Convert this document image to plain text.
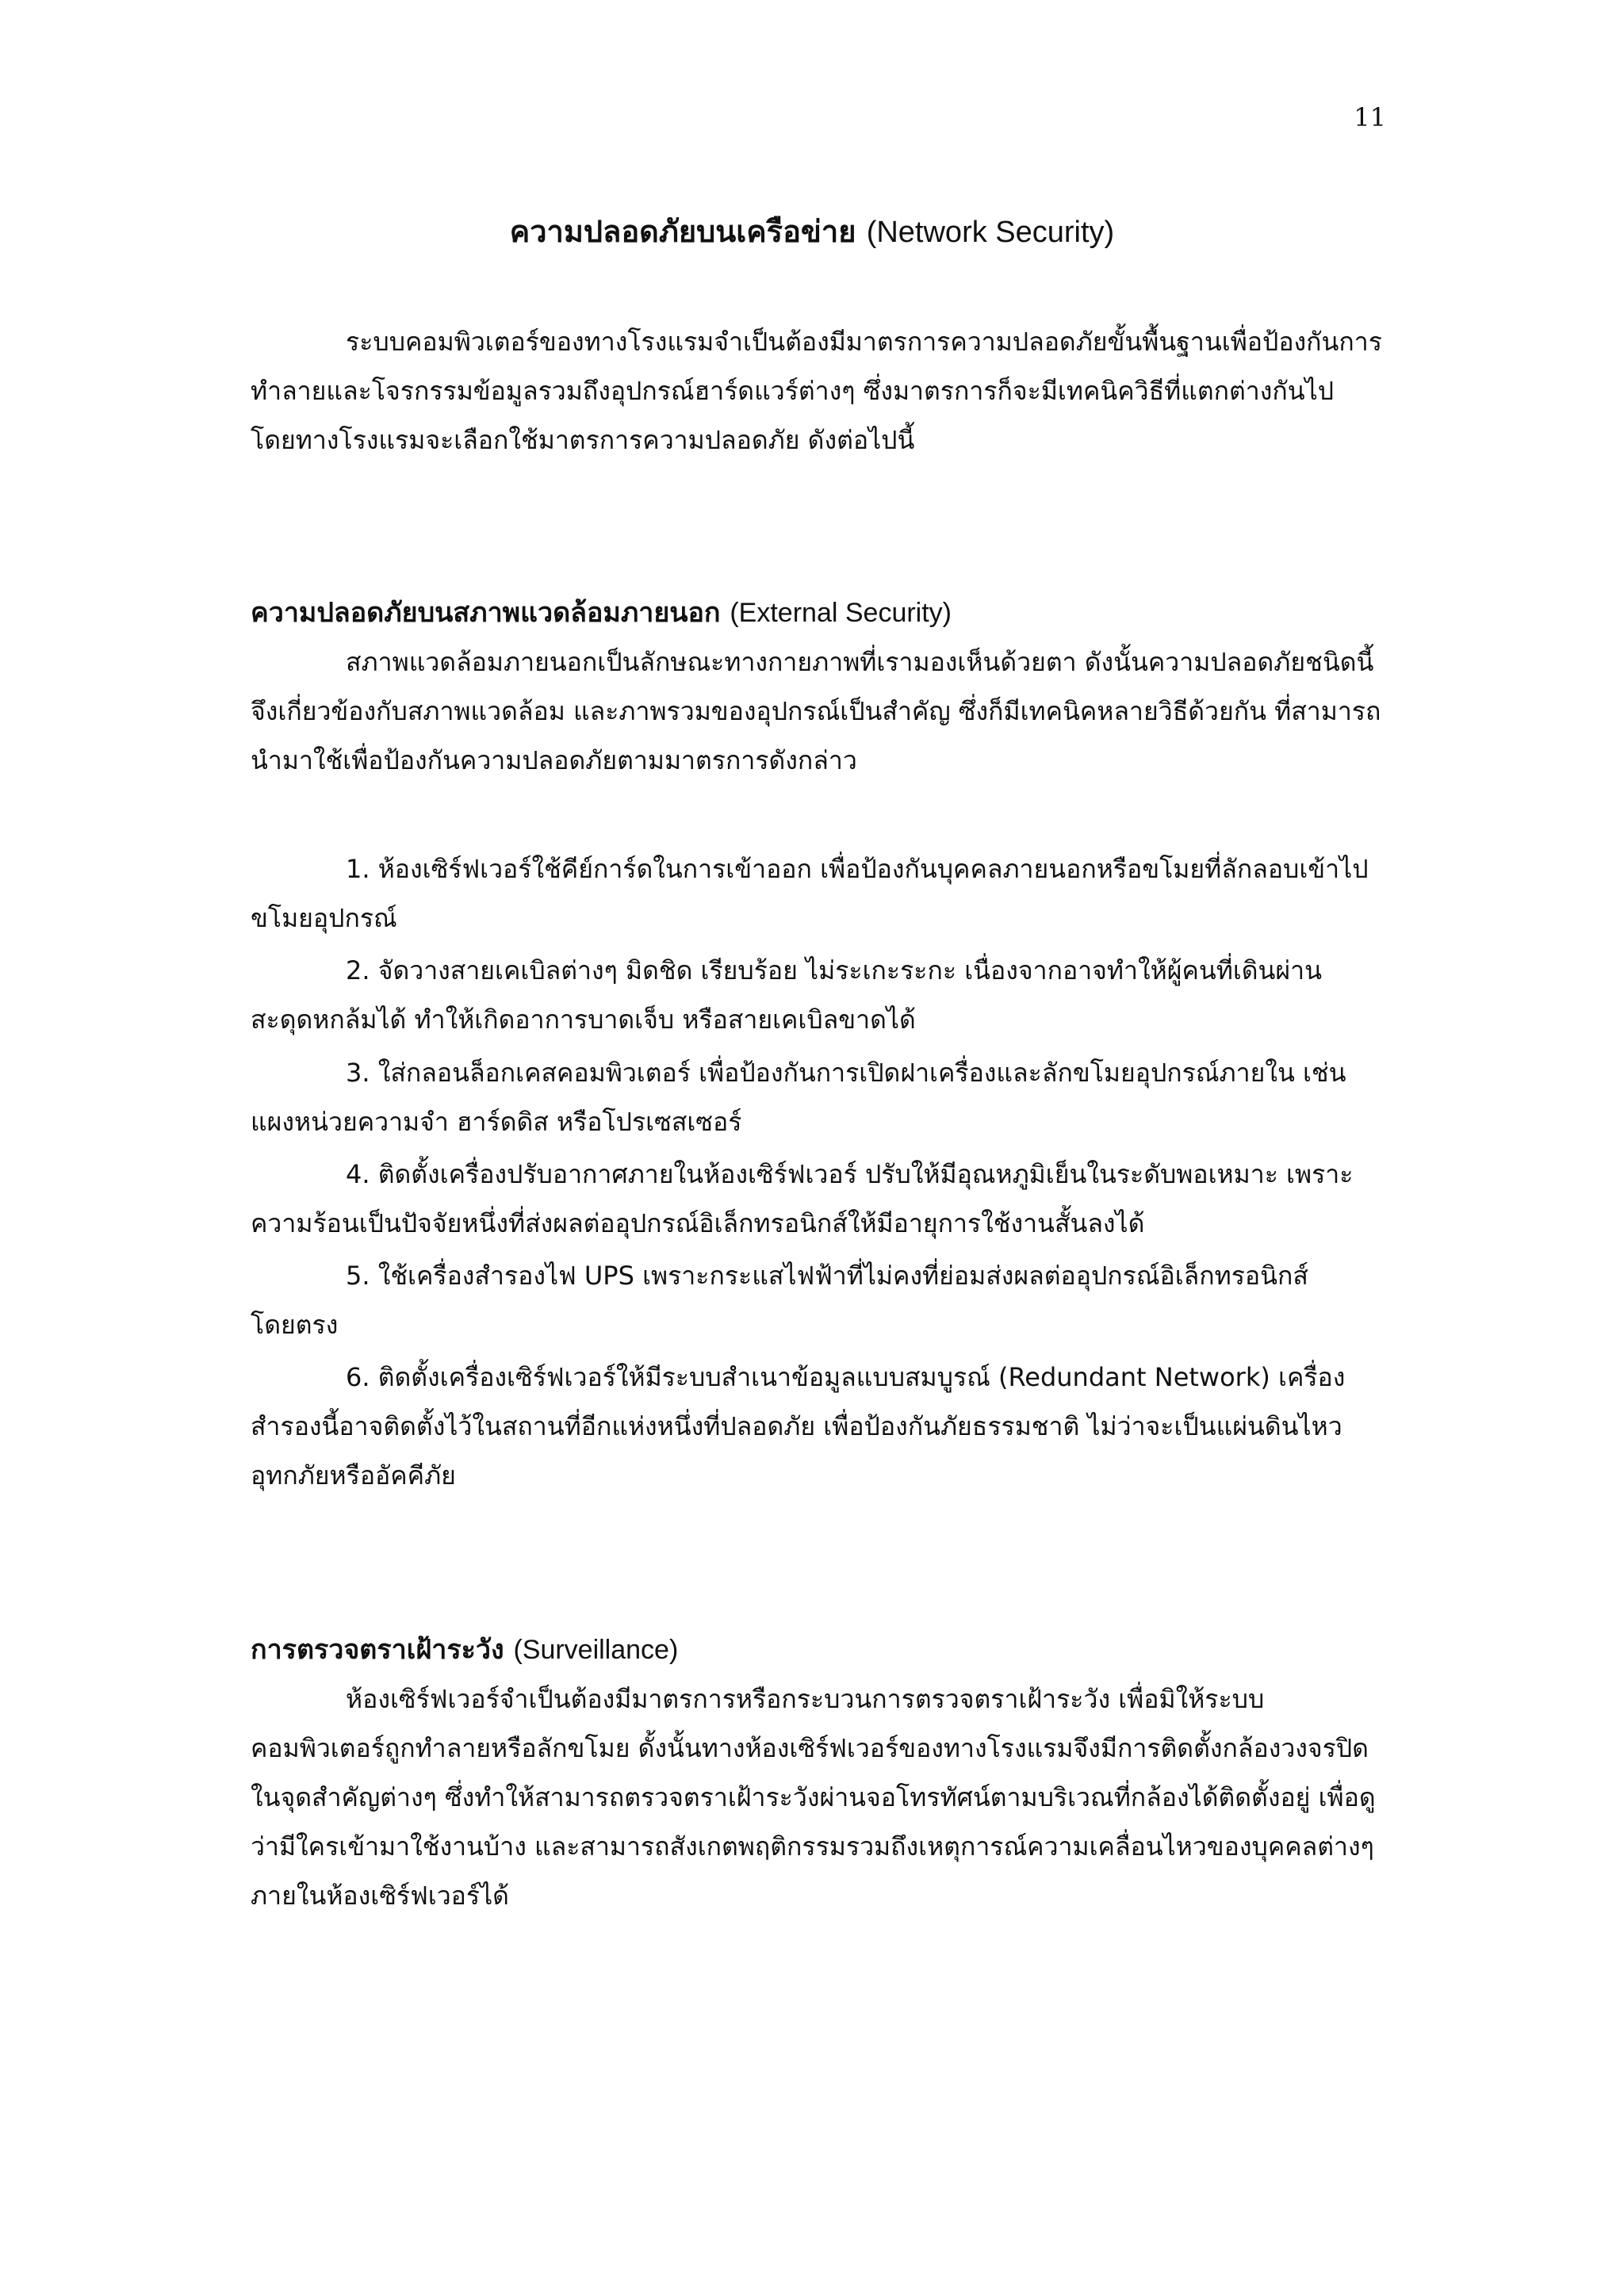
11
ความปลอดภัยบนเครือข่าย (Network Security)

ระบบคอมพิวเตอร์ของทางโรงแรมจำเป็นต้องมีมาตรการความปลอดภัยขั้นพื้นฐานเพื่อป้องกันการทำลายและโจรกรรมข้อมูลรวมถึงอุปกรณ์ฮาร์ดแวร์ต่างๆ ซึ่งมาตรการก็จะมีเทคนิควิธีที่แตกต่างกันไป โดยทางโรงแรมจะเลือกใช้มาตรการความปลอดภัย ดังต่อไปนี้

ความปลอดภัยบนสภาพแวดล้อมภายนอก (External Security)

สภาพแวดล้อมภายนอกเป็นลักษณะทางกายภาพที่เรามองเห็นด้วยตา ดังนั้นความปลอดภัยชนิดนี้ จึงเกี่ยวข้องกับสภาพแวดล้อม และภาพรวมของอุปกรณ์เป็นสำคัญ ซึ่งก็มีเทคนิคหลายวิธีด้วยกัน ที่สามารถนำมาใช้เพื่อป้องกันความปลอดภัยตามมาตรการดังกล่าว

1. ห้องเซิร์ฟเวอร์ใช้คีย์การ์ดในการเข้าออก เพื่อป้องกันบุคคลภายนอกหรือขโมยที่ลักลอบเข้าไปขโมยอุปกรณ์

2. จัดวางสายเคเบิลต่างๆ มิดชิด เรียบร้อย ไม่ระเกะระกะ เนื่องจากอาจทำให้ผู้คนที่เดินผ่าน สะดุดหกล้มได้ ทำให้เกิดอาการบาดเจ็บ หรือสายเคเบิลขาดได้

3. ใส่กลอนล็อกเคสคอมพิวเตอร์ เพื่อป้องกันการเปิดฝาเครื่องและลักขโมยอุปกรณ์ภายใน เช่นแผงหน่วยความจำ ฮาร์ดดิส หรือโปรเซสเซอร์

4. ติดตั้งเครื่องปรับอากาศภายในห้องเซิร์ฟเวอร์ ปรับให้มีอุณหภูมิเย็นในระดับพอเหมาะ เพราะความร้อนเป็นปัจจัยหนึ่งที่ส่งผลต่ออุปกรณ์อิเล็กทรอนิกส์ให้มีอายุการใช้งานสั้นลงได้

5. ใช้เครื่องสำรองไฟ UPS เพราะกระแสไฟฟ้าที่ไม่คงที่ย่อมส่งผลต่ออุปกรณ์อิเล็กทรอนิกส์โดยตรง

6. ติดตั้งเครื่องเซิร์ฟเวอร์ให้มีระบบสำเนาข้อมูลแบบสมบูรณ์ (Redundant Network) เครื่องสำรองนี้อาจติดตั้งไว้ในสถานที่อีกแห่งหนึ่งที่ปลอดภัย เพื่อป้องกันภัยธรรมชาติ ไม่ว่าจะเป็นแผ่นดินไหว อุทกภัยหรืออัคคีภัย

การตรวจตราเฝ้าระวัง (Surveillance)

ห้องเซิร์ฟเวอร์จำเป็นต้องมีมาตรการหรือกระบวนการตรวจตราเฝ้าระวัง เพื่อมิให้ระบบคอมพิวเตอร์ถูกทำลายหรือลักขโมย ดั้งนั้นทางห้องเซิร์ฟเวอร์ของทางโรงแรมจึงมีการติดตั้งกล้องวงจรปิดในจุดสำคัญต่างๆ ซึ่งทำให้สามารถตรวจตราเฝ้าระวังผ่านจอโทรทัศน์ตามบริเวณที่กล้องได้ติดตั้งอยู่ เพื่อดูว่ามีใครเข้ามาใช้งานบ้าง และสามารถสังเกตพฤติกรรมรวมถึงเหตุการณ์ความเคลื่อนไหวของบุคคลต่างๆ ภายในห้องเซิร์ฟเวอร์ได้
